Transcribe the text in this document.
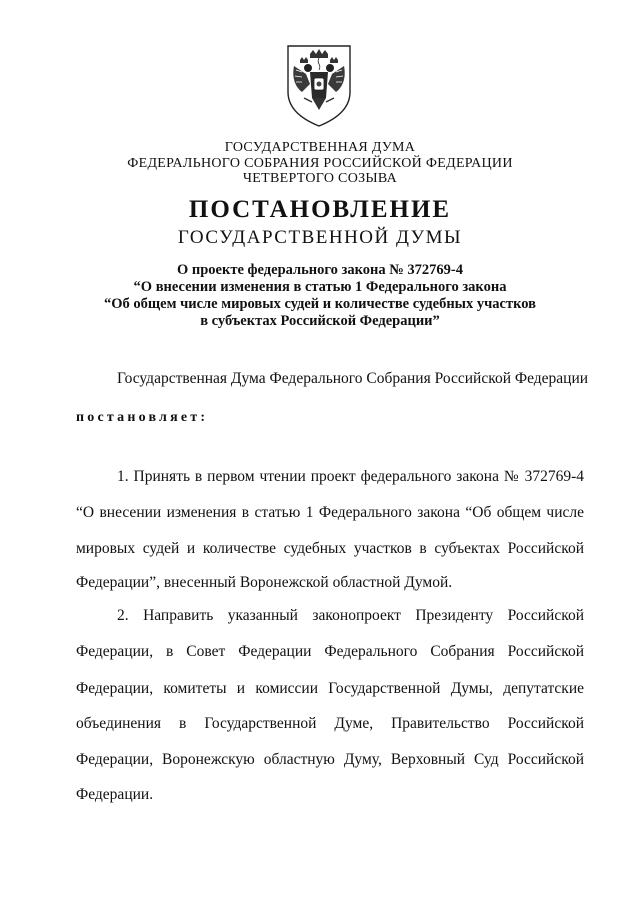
ГОСУДАРСТВЕННАЯ ДУМА
ФЕДЕРАЛЬНОГО СОБРАНИЯ РОССИЙСКОЙ ФЕДЕРАЦИИ
ЧЕТВЕРТОГО СОЗЫВА
ПОСТАНОВЛЕНИЕ
ГОСУДАРСТВЕННОЙ ДУМЫ
О проекте федерального закона № 372769-4
“О внесении изменения в статью 1 Федерального закона
“Об общем числе мировых судей и количестве судебных участков
в субъектах Российской Федерации”
Государственная Дума Федерального Собрания Российской Федерации
постановляет:
1. Принять в первом чтении проект федерального закона № 372769-4
“О внесении изменения в статью 1 Федерального закона “Об общем числе
мировых судей и количестве судебных участков в субъектах Российской
Федерации”, внесенный Воронежской областной Думой.
2. Направить указанный законопроект Президенту Российской
Федерации, в Совет Федерации Федерального Собрания Российской
Федерации, комитеты и комиссии Государственной Думы, депутатские
объединения в Государственной Думе, Правительство Российской
Федерации, Воронежскую областную Думу, Верховный Суд Российской
Федерации.
